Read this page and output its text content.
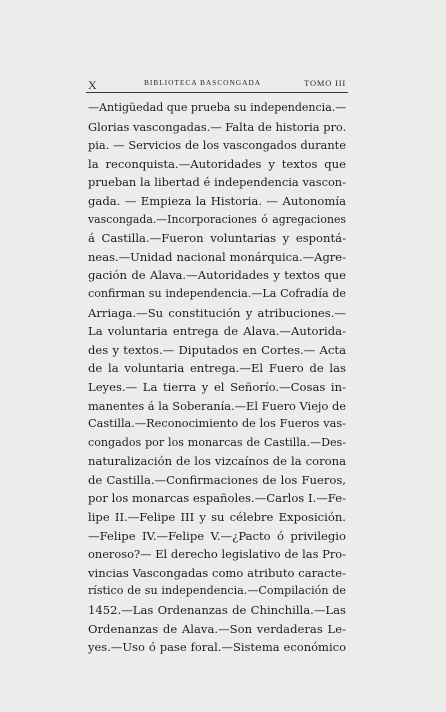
X	BIBLIOTECA BASCONGADA	TOMO III
—Antigüedad que prueba su independencia.—
Glorias vascongadas.— Falta de historia pro.
pia. — Servicios de los vascongados durante
la reconquista.—Autoridades y textos que
prueban la libertad é independencia vascon-
gada. — Empieza la Historia. — Autonomía
vascongada.—Incorporaciones ó agregaciones
á Castilla.—Fueron voluntarias y espontá-
neas.—Unidad nacional monárquica.—Agre-
gación de Alava.—Autoridades y textos que
confirman su independencia.—La Cofradía de
Arriaga.—Su constitución y atribuciones.—
La voluntaria entrega de Alava.—Autorida-
des y textos.— Diputados en Cortes.— Acta
de la voluntaria entrega.—El Fuero de las
Leyes.— La tierra y el Señorío.—Cosas in-
manentes á la Soberanía.—El Fuero Viejo de
Castilla.—Reconocimiento de los Fueros vas-
congados por los monarcas de Castilla.—Des-
naturalización de los vizcaínos de la corona
de Castilla.—Confirmaciones de los Fueros,
por los monarcas españoles.—Carlos I.—Fe-
lipe II.—Felipe III y su célebre Exposición.
—Felipe IV.—Felipe V.—¿Pacto ó privilegio
oneroso?— El derecho legislativo de las Pro-
vincias Vascongadas como atributo caracte-
rístico de su independencia.—Compilación de
1452.—Las Ordenanzas de Chinchilla.—Las
Ordenanzas de Alava.—Son verdaderas Le-
yes.—Uso ó pase foral.—Sistema económico
